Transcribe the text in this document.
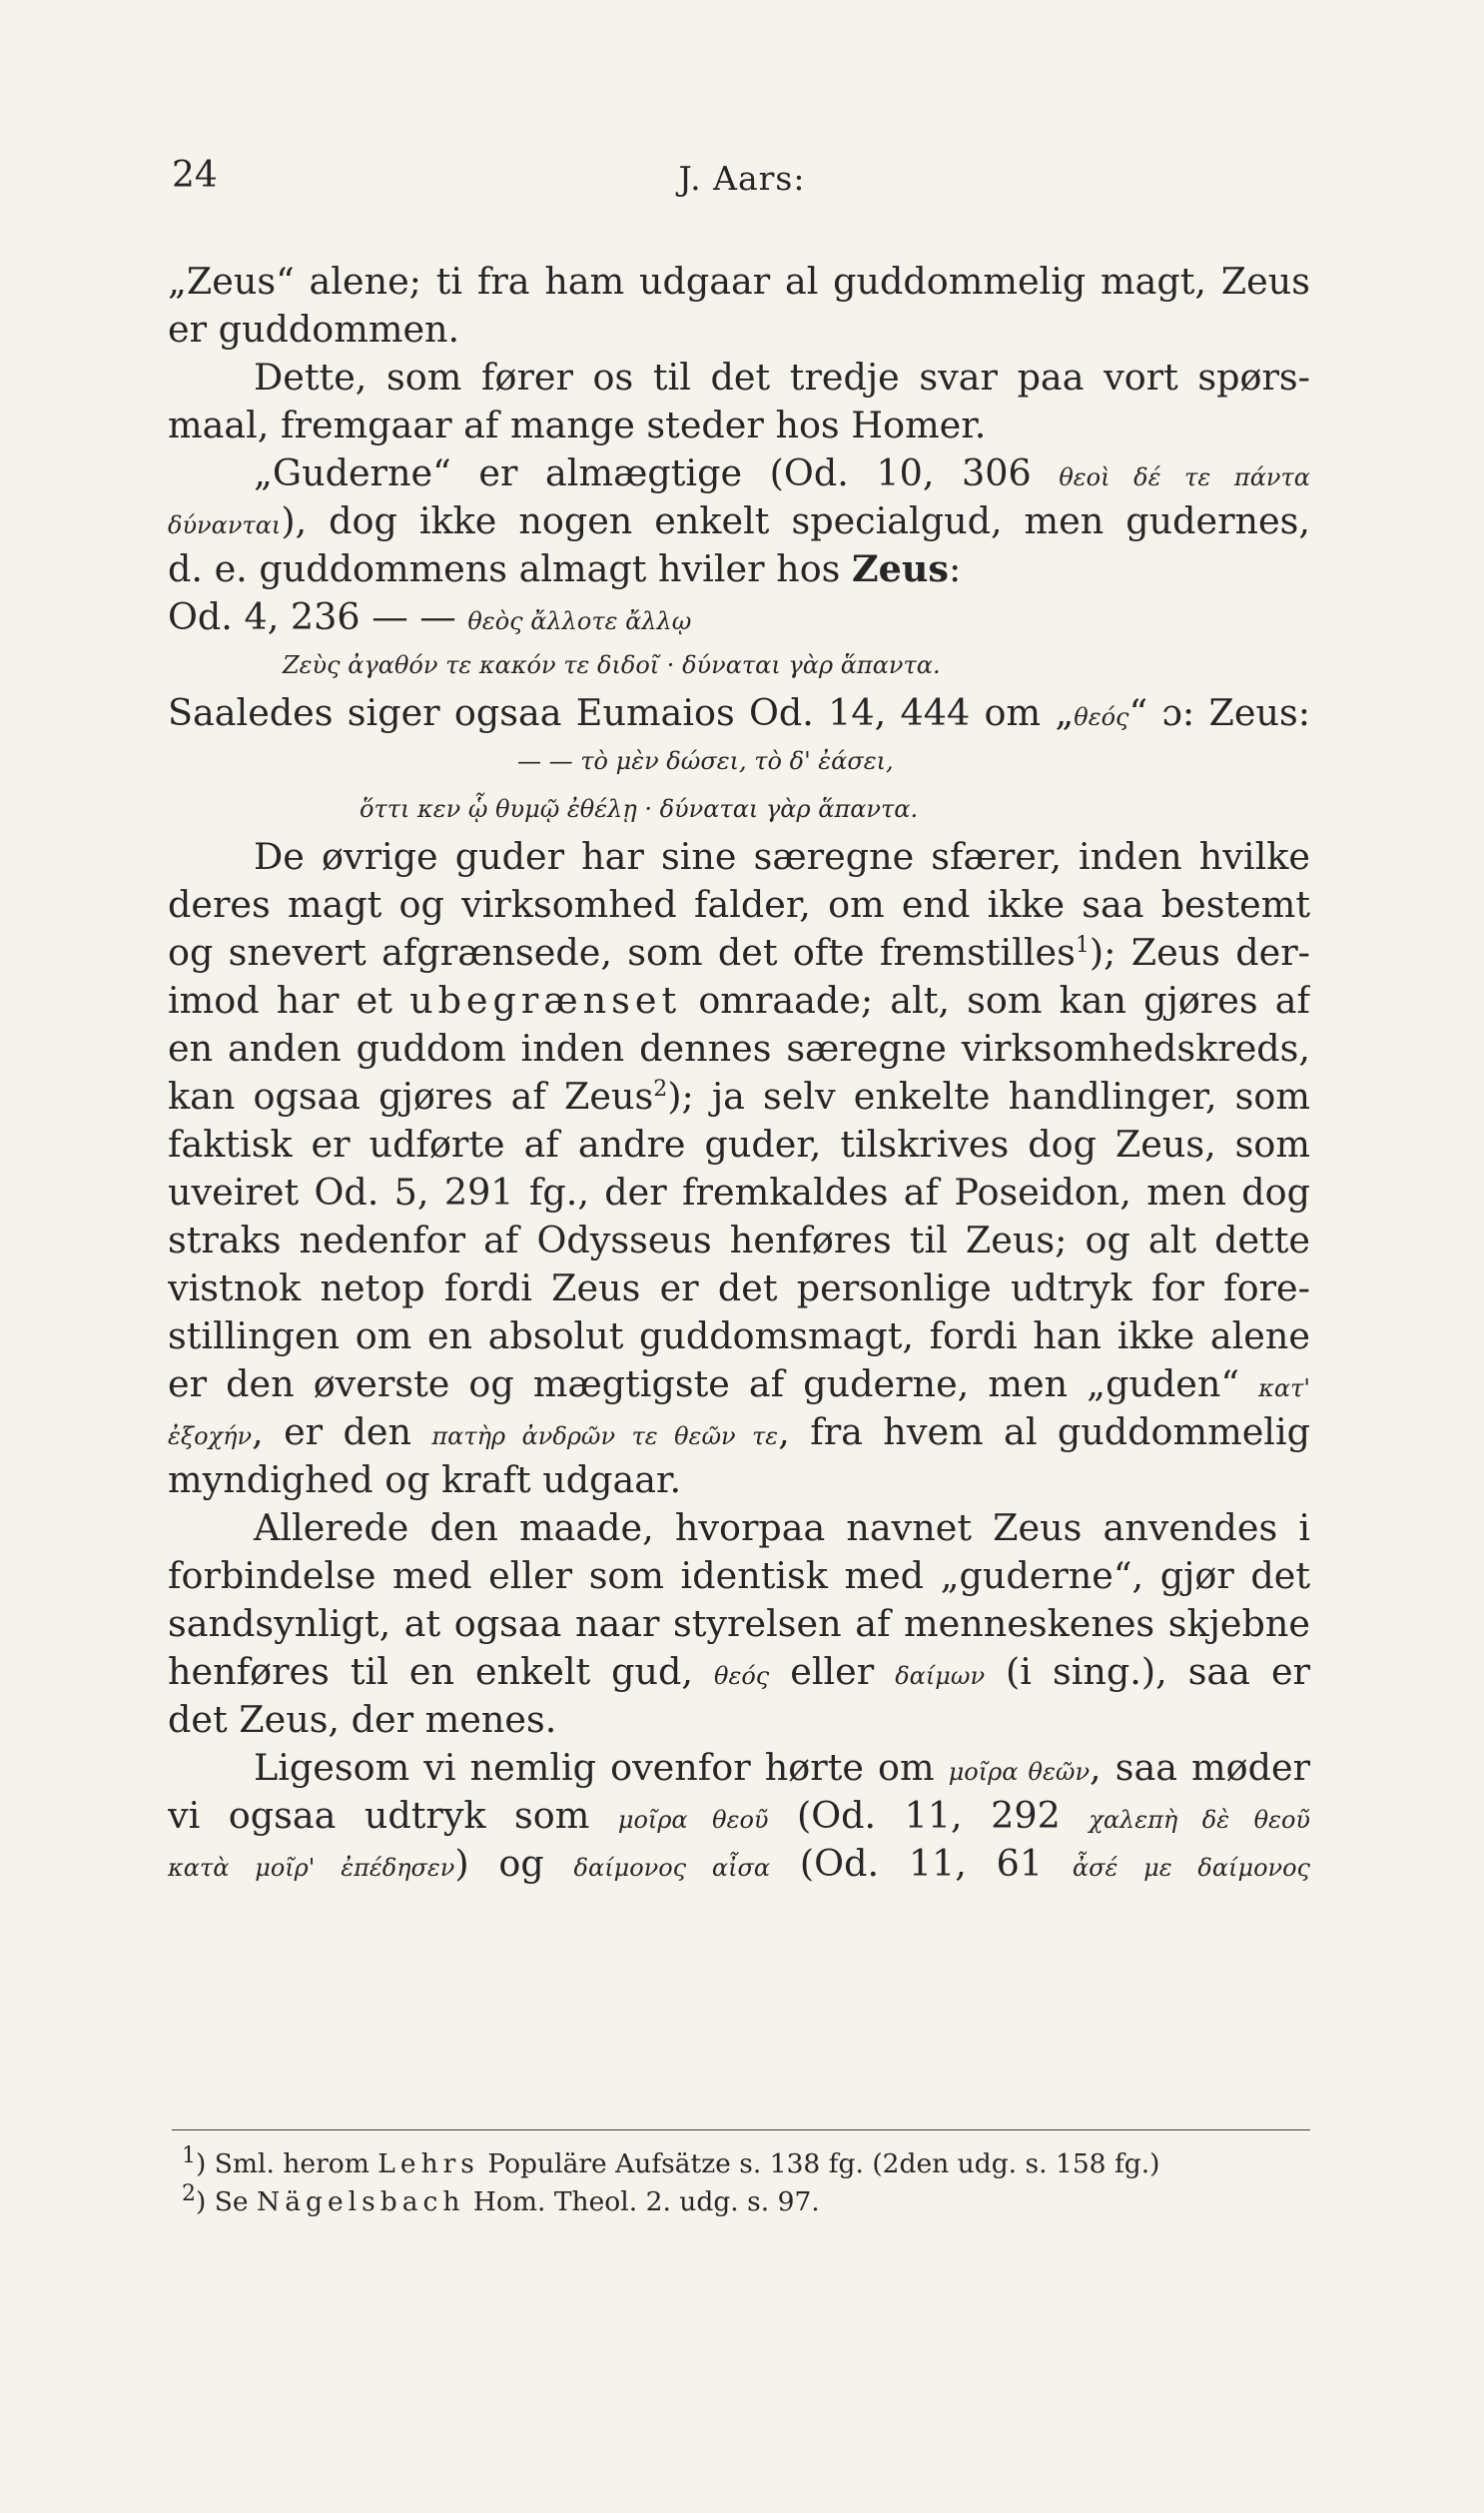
24	J. Aars:
„Zeus“ alene; ti fra ham udgaar al guddommelig magt, Zeus
er guddommen.
Dette, som fører os til det tredje svar paa vort spørs-
maal, fremgaar af mange steder hos Homer.
„Guderne“ er almægtige (Od. 10, 306 θεοὶ δέ τε πάντα
δύνανται), dog ikke nogen enkelt specialgud, men gudernes,
d. e. guddommens almagt hviler hos Zeus:
Od. 4, 236 — — θεὸς ἄλλοτε ἄλλῳ
Ζεὺς ἀγαθόν τε κακόν τε διδοῖ · δύναται γὰρ ἅπαντα.
Saaledes siger ogsaa Eumaios Od. 14, 444 om „θεός“ ɔ: Zeus:
— — τὸ μὲν δώσει, τὸ δ' ἐάσει,
ὅττι κεν ᾧ θυμῷ ἐθέλῃ · δύναται γὰρ ἅπαντα.
De øvrige guder har sine særegne sfærer, inden hvilke
deres magt og virksomhed falder, om end ikke saa bestemt
og snevert afgrænsede, som det ofte fremstilles$^1$); Zeus der-
imod har et ubegrænset omraade; alt, som kan gjøres af
en anden guddom inden dennes særegne virksomhedskreds,
kan ogsaa gjøres af Zeus$^2$); ja selv enkelte handlinger, som
faktisk er udførte af andre guder, tilskrives dog Zeus, som
uveiret Od. 5, 291 fg., der fremkaldes af Poseidon, men dog
straks nedenfor af Odysseus henføres til Zeus; og alt dette
vistnok netop fordi Zeus er det personlige udtryk for fore-
stillingen om en absolut guddomsmagt, fordi han ikke alene
er den øverste og mægtigste af guderne, men „guden“ κατ'
ἐξοχήν, er den πατὴρ ἀνδρῶν τε θεῶν τε, fra hvem al guddommelig
myndighed og kraft udgaar.
Allerede den maade, hvorpaa navnet Zeus anvendes i
forbindelse med eller som identisk med „guderne“, gjør det
sandsynligt, at ogsaa naar styrelsen af menneskenes skjebne
henføres til en enkelt gud, θεός eller δαίμων (i sing.), saa er
det Zeus, der menes.
Ligesom vi nemlig ovenfor hørte om μοῖρα θεῶν, saa møder
vi ogsaa udtryk som μοῖρα θεοῦ (Od. 11, 292 χαλεπὴ δὲ θεοῦ
κατὰ μοῖρ' ἐπέδησεν) og δαίμονος αἶσα (Od. 11, 61 ἆσέ με δαίμονος
$^1$) Sml. herom Lehrs Populäre Aufsätze s. 138 fg. (2den udg. s. 158 fg.)
$^2$) Se Nägelsbach Hom. Theol. 2. udg. s. 97.
